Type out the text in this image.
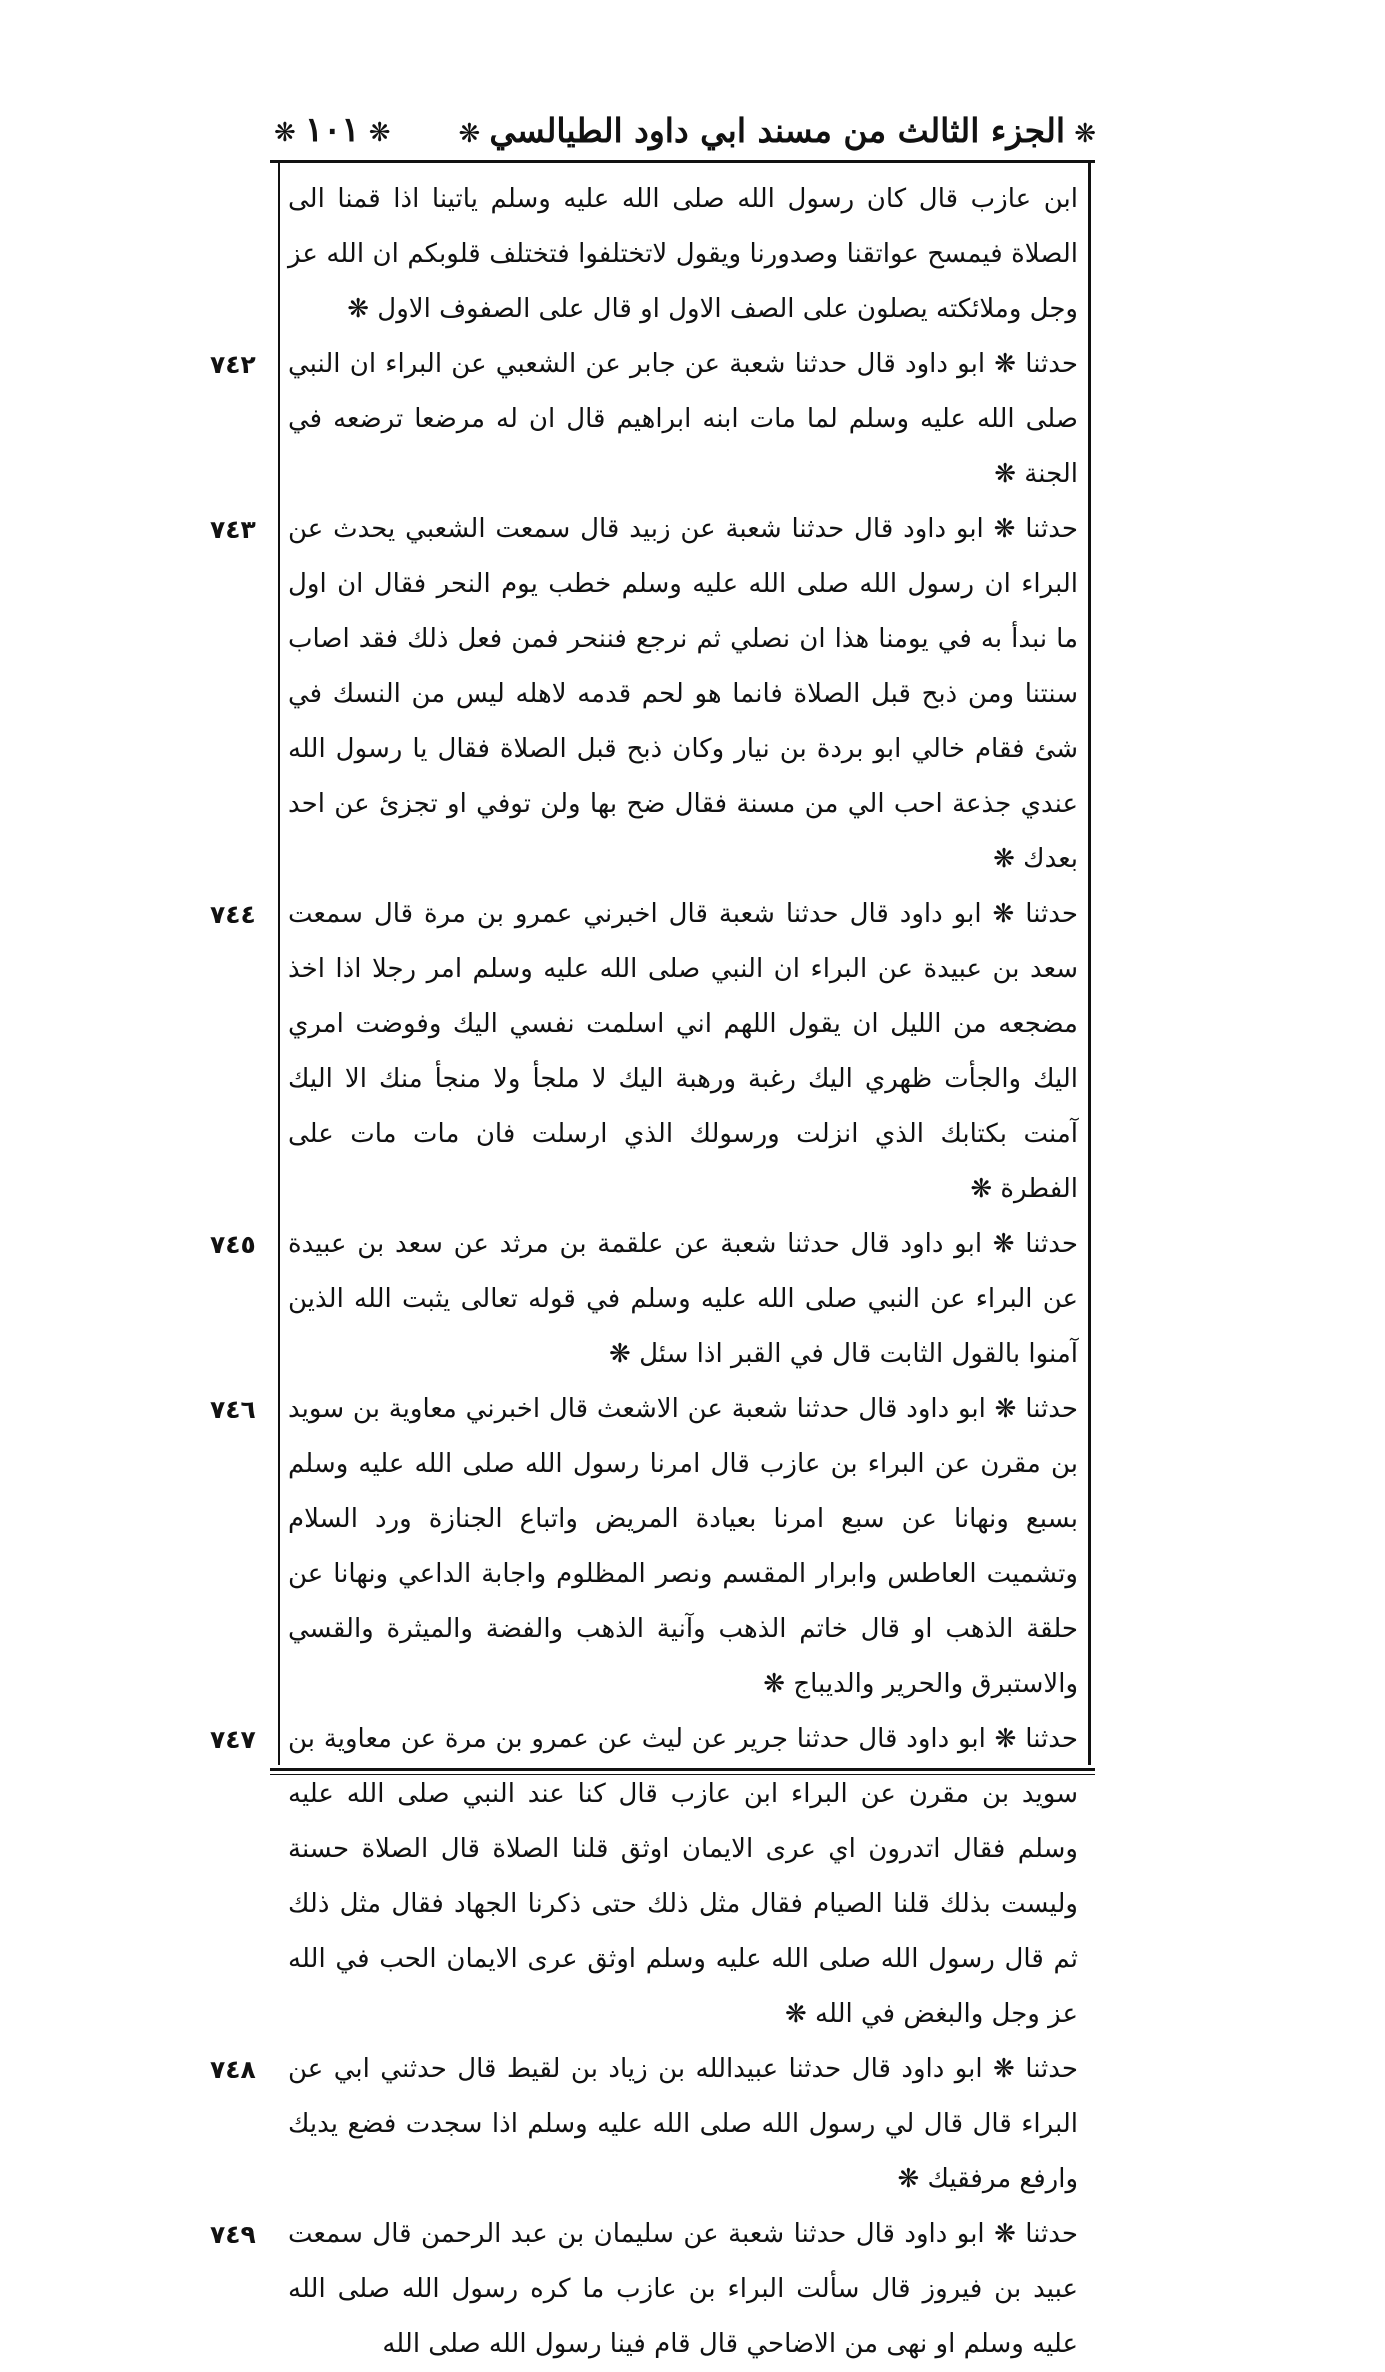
❋ الجزء الثالث من مسند ابي داود الطيالسي ❋
❋ ١٠١ ❋

ابن عازب قال كان رسول الله صلى الله عليه وسلم ياتينا اذا قمنا الى الصلاة فيمسح عواتقنا وصدورنا ويقول لاتختلفوا فتختلف قلوبكم ان الله عز وجل وملائكته يصلون على الصف الاول او قال على الصفوف الاول ❋

٧٤٢	حدثنا ❋ ابو داود قال حدثنا شعبة عن جابر عن الشعبي عن البراء ان النبي صلى الله عليه وسلم لما مات ابنه ابراهيم قال ان له مرضعا ترضعه في الجنة ❋

٧٤٣	حدثنا ❋ ابو داود قال حدثنا شعبة عن زبيد قال سمعت الشعبي يحدث عن البراء ان رسول الله صلى الله عليه وسلم خطب يوم النحر فقال ان اول ما نبدأ به في يومنا هذا ان نصلي ثم نرجع فننحر فمن فعل ذلك فقد اصاب سنتنا ومن ذبح قبل الصلاة فانما هو لحم قدمه لاهله ليس من النسك في شئ فقام خالي ابو بردة بن نيار وكان ذبح قبل الصلاة فقال يا رسول الله عندي جذعة احب الي من مسنة فقال ضح بها ولن توفي او تجزئ عن احد بعدك ❋

٧٤٤	حدثنا ❋ ابو داود قال حدثنا شعبة قال اخبرني عمرو بن مرة قال سمعت سعد بن عبيدة عن البراء ان النبي صلى الله عليه وسلم امر رجلا اذا اخذ مضجعه من الليل ان يقول اللهم اني اسلمت نفسي اليك وفوضت امري اليك والجأت ظهري اليك رغبة ورهبة اليك لا ملجأ ولا منجأ منك الا اليك آمنت بكتابك الذي انزلت ورسولك الذي ارسلت فان مات مات على الفطرة ❋

٧٤٥	حدثنا ❋ ابو داود قال حدثنا شعبة عن علقمة بن مرثد عن سعد بن عبيدة عن البراء عن النبي صلى الله عليه وسلم في قوله تعالى يثبت الله الذين آمنوا بالقول الثابت قال في القبر اذا سئل ❋

٧٤٦	حدثنا ❋ ابو داود قال حدثنا شعبة عن الاشعث قال اخبرني معاوية بن سويد بن مقرن عن البراء بن عازب قال امرنا رسول الله صلى الله عليه وسلم بسبع ونهانا عن سبع امرنا بعيادة المريض واتباع الجنازة ورد السلام وتشميت العاطس وابرار المقسم ونصر المظلوم واجابة الداعي ونهانا عن حلقة الذهب او قال خاتم الذهب وآنية الذهب والفضة والميثرة والقسي والاستبرق والحرير والديباج ❋

٧٤٧	حدثنا ❋ ابو داود قال حدثنا جرير عن ليث عن عمرو بن مرة عن معاوية بن سويد بن مقرن عن البراء ابن عازب قال كنا عند النبي صلى الله عليه وسلم فقال اتدرون اي عرى الايمان اوثق قلنا الصلاة قال الصلاة حسنة وليست بذلك قلنا الصيام فقال مثل ذلك حتى ذكرنا الجهاد فقال مثل ذلك ثم قال رسول الله صلى الله عليه وسلم اوثق عرى الايمان الحب في الله عز وجل والبغض في الله ❋

٧٤٨	حدثنا ❋ ابو داود قال حدثنا عبيدالله بن زياد بن لقيط قال حدثني ابي عن البراء قال قال لي رسول الله صلى الله عليه وسلم اذا سجدت فضع يديك وارفع مرفقيك ❋

٧٤٩	حدثنا ❋ ابو داود قال حدثنا شعبة عن سليمان بن عبد الرحمن قال سمعت عبيد بن فيروز قال سألت البراء بن عازب ما كره رسول الله صلى الله عليه وسلم او نهى من الاضاحي قال قام فينا رسول الله صلى الله
